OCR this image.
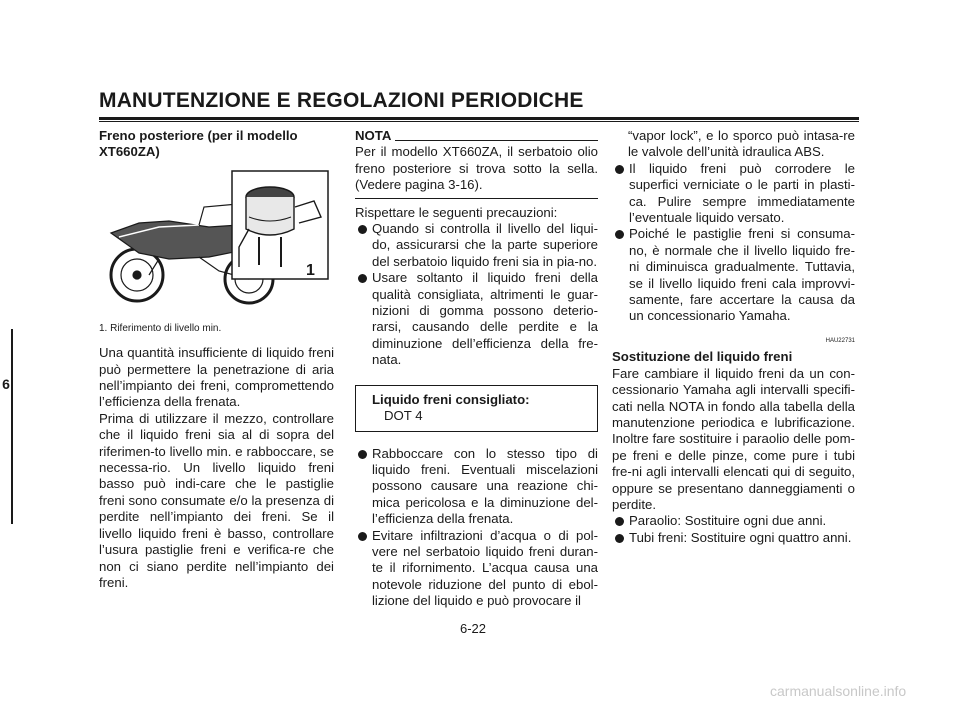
MANUTENZIONE E REGOLAZIONI PERIODICHE
6
Freno posteriore (per il modello XT660ZA)
1
1. Riferimento di livello min.

Una quantità insufficiente di liquido freni può permettere la penetrazione di aria nell’impianto dei freni, compromettendo l’efficienza della frenata.

Prima di utilizzare il mezzo, controllare che il liquido freni sia al di sopra del riferimen-to livello min. e rabboccare, se necessa-rio. Un livello liquido freni basso può indi-care che le pastiglie freni sono consumate e/o la presenza di perdite nell’impianto dei freni. Se il livello liquido freni è basso, controllare l’usura pastiglie freni e verifica-re che non ci siano perdite nell’impianto dei freni.

NOTA

Per il modello XT660ZA, il serbatoio olio freno posteriore si trova sotto la sella. (Vedere pagina 3-16).

Rispettare le seguenti precauzioni:

Quando si controlla il livello del liqui-do, assicurarsi che la parte superiore del serbatoio liquido freni sia in pia-no.
Usare soltanto il liquido freni della qualità consigliata, altrimenti le guar-nizioni di gomma possono deterio-rarsi, causando delle perdite e la diminuzione dell’efficienza della fre-nata.
Liquido freni consigliato:
DOT 4
Rabboccare con lo stesso tipo di liquido freni. Eventuali miscelazioni possono causare una reazione chi-mica pericolosa e la diminuzione del-l’efficienza della frenata.
Evitare infiltrazioni d’acqua o di pol-vere nel serbatoio liquido freni duran-te il rifornimento. L’acqua causa una notevole riduzione del punto di ebol-lizione del liquido e può provocare il

“vapor lock”, e lo sporco può intasa-re le valvole dell’unità idraulica ABS.

Il liquido freni può corrodere le superfici verniciate o le parti in plasti-ca. Pulire sempre immediatamente l’eventuale liquido versato.
Poiché le pastiglie freni si consuma-no, è normale che il livello liquido fre-ni diminuisca gradualmente. Tuttavia, se il livello liquido freni cala improvvi-samente, fare accertare la causa da un concessionario Yamaha.
HAU22731
Sostituzione del liquido freni

Fare cambiare il liquido freni da un con-cessionario Yamaha agli intervalli specifi-cati nella NOTA in fondo alla tabella della manutenzione periodica e lubrificazione. Inoltre fare sostituire i paraolio delle pom-pe freni e delle pinze, come pure i tubi fre-ni agli intervalli elencati qui di seguito, oppure se presentano danneggiamenti o perdite.

Paraolio: Sostituire ogni due anni.
Tubi freni: Sostituire ogni quattro anni.
6-22
carmanualsonline.info
